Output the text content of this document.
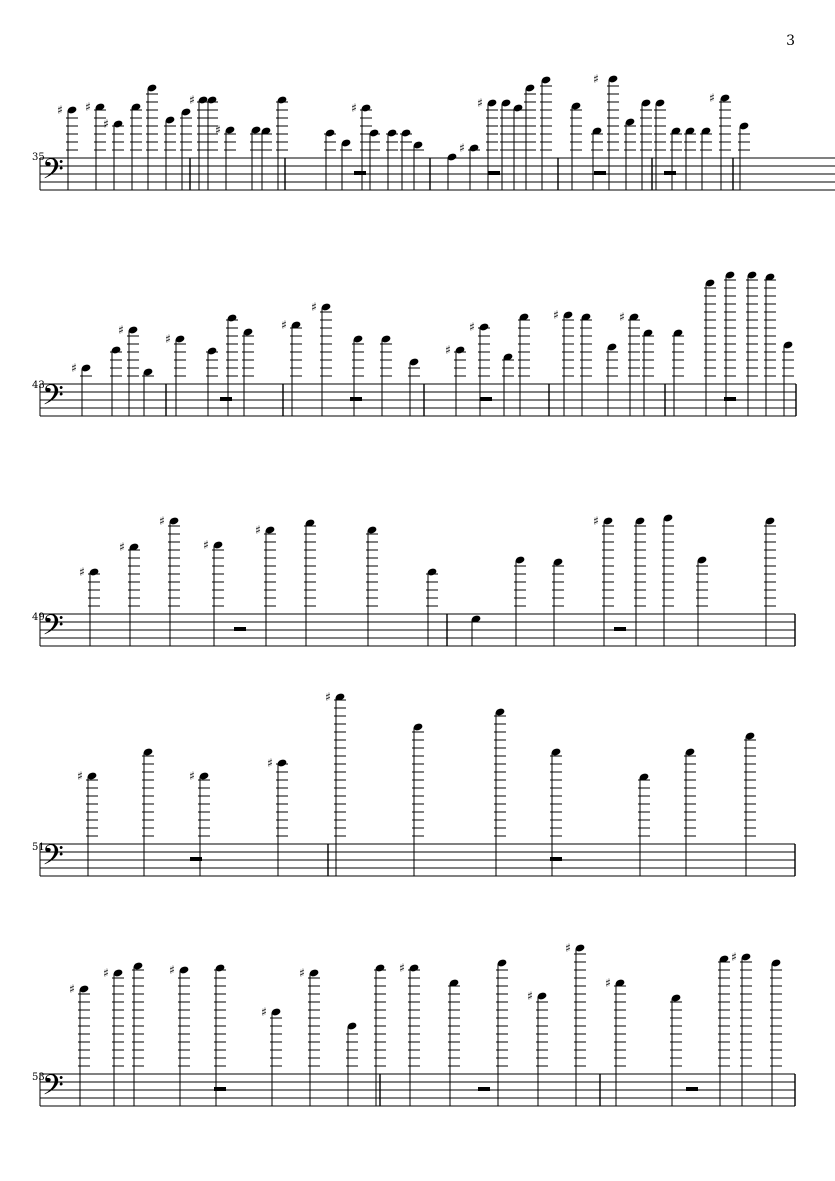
3
35
43
49
51
53
𝄢
𝄢
𝄢
𝄢
𝄢
♯ ♯
♯
♯
♯
♯
♯
♯
♯
♯
♯
♯
♯
♯
♯
♯
♯
♯	♯
♯
♯
♯
♯
♯
♯
♯	♯
♯
♯
♯
♯	♯
♯
♯	♯
♯
♯
♯
♯
